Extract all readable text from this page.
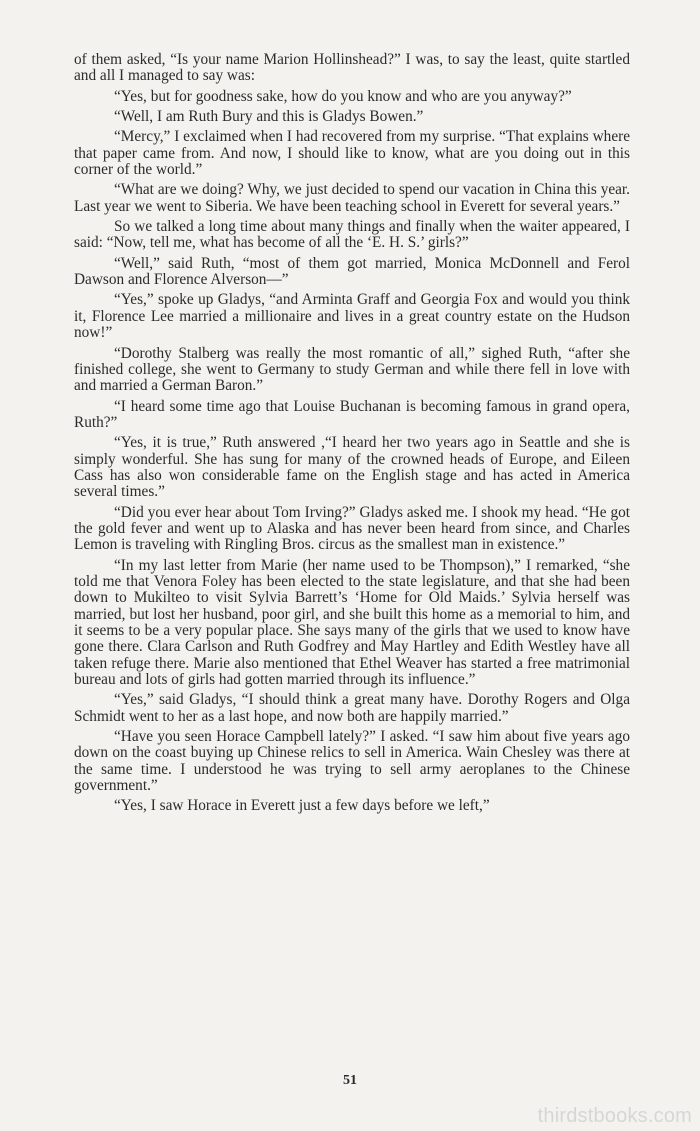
of them asked, “Is your name Marion Hollinshead?” I was, to say the least, quite startled and all I managed to say was:

“Yes, but for goodness sake, how do you know and who are you anyway?”

“Well, I am Ruth Bury and this is Gladys Bowen.”

“Mercy,” I exclaimed when I had recovered from my surprise. “That explains where that paper came from. And now, I should like to know, what are you doing out in this corner of the world.”

“What are we doing? Why, we just decided to spend our vacation in China this year. Last year we went to Siberia. We have been teaching school in Everett for several years.”

So we talked a long time about many things and finally when the waiter appeared, I said: “Now, tell me, what has become of all the ‘E. H. S.’ girls?”

“Well,” said Ruth, “most of them got married, Monica McDonnell and Ferol Dawson and Florence Alverson—”

“Yes,” spoke up Gladys, “and Arminta Graff and Georgia Fox and would you think it, Florence Lee married a millionaire and lives in a great country estate on the Hudson now!”

“Dorothy Stalberg was really the most romantic of all,” sighed Ruth, “after she finished college, she went to Germany to study German and while there fell in love with and married a German Baron.”

“I heard some time ago that Louise Buchanan is becoming famous in grand opera, Ruth?”

“Yes, it is true,” Ruth answered ,“I heard her two years ago in Seattle and she is simply wonderful. She has sung for many of the crowned heads of Europe, and Eileen Cass has also won considerable fame on the English stage and has acted in America several times.”

“Did you ever hear about Tom Irving?” Gladys asked me. I shook my head. “He got the gold fever and went up to Alaska and has never been heard from since, and Charles Lemon is traveling with Ringling Bros. circus as the smallest man in existence.”

“In my last letter from Marie (her name used to be Thompson),” I remarked, “she told me that Venora Foley has been elected to the state legislature, and that she had been down to Mukilteo to visit Sylvia Barrett’s ‘Home for Old Maids.’ Sylvia herself was married, but lost her husband, poor girl, and she built this home as a memorial to him, and it seems to be a very popular place. She says many of the girls that we used to know have gone there. Clara Carlson and Ruth Godfrey and May Hartley and Edith Westley have all taken refuge there. Marie also mentioned that Ethel Weaver has started a free matrimonial bureau and lots of girls had gotten married through its influence.”

“Yes,” said Gladys, “I should think a great many have. Dorothy Rogers and Olga Schmidt went to her as a last hope, and now both are happily married.”

“Have you seen Horace Campbell lately?” I asked. “I saw him about five years ago down on the coast buying up Chinese relics to sell in America. Wain Chesley was there at the same time. I understood he was trying to sell army aeroplanes to the Chinese government.”

“Yes, I saw Horace in Everett just a few days before we left,”

51
thirdstbooks.com
